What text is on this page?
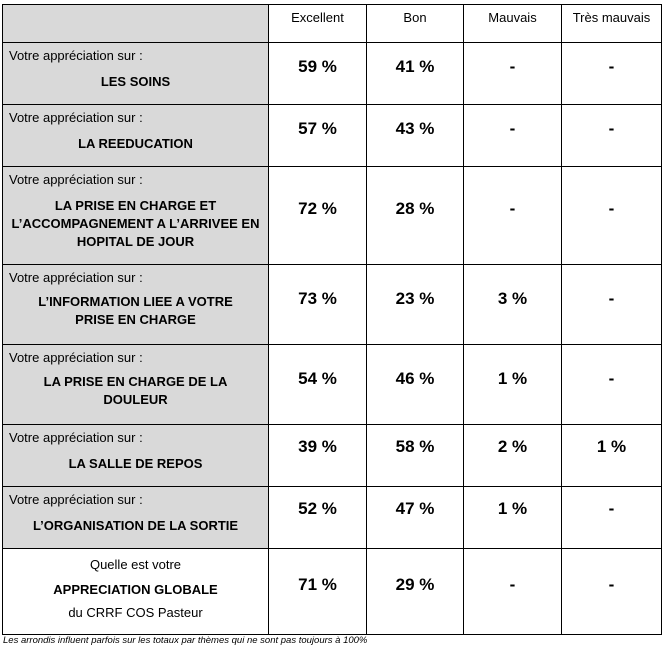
	Excellent	Bon	Mauvais	Très mauvais

Votre appréciation sur :
LES SOINS	59 %	41 %	-	-

Votre appréciation sur :
LA REEDUCATION	57 %	43 %	-	-

Votre appréciation sur :
LA PRISE EN CHARGE ET L’ACCOMPAGNEMENT A L’ARRIVEE EN HOPITAL DE JOUR	72 %	28 %	-	-

Votre appréciation sur :
L’INFORMATION LIEE A VOTRE PRISE EN CHARGE	73 %	23 %	3 %	-

Votre appréciation sur :
LA PRISE EN CHARGE DE LA DOULEUR	54 %	46 %	1 %	-

Votre appréciation sur :
LA SALLE DE REPOS	39 %	58 %	2 %	1 %

Votre appréciation sur :
L’ORGANISATION DE LA SORTIE	52 %	47 %	1 %	-

Quelle est votre
APPRECIATION GLOBALE
du CRRF COS Pasteur	71 %	29 %	-	-
Les arrondis influent parfois sur les totaux par thèmes qui ne sont pas toujours à 100%
